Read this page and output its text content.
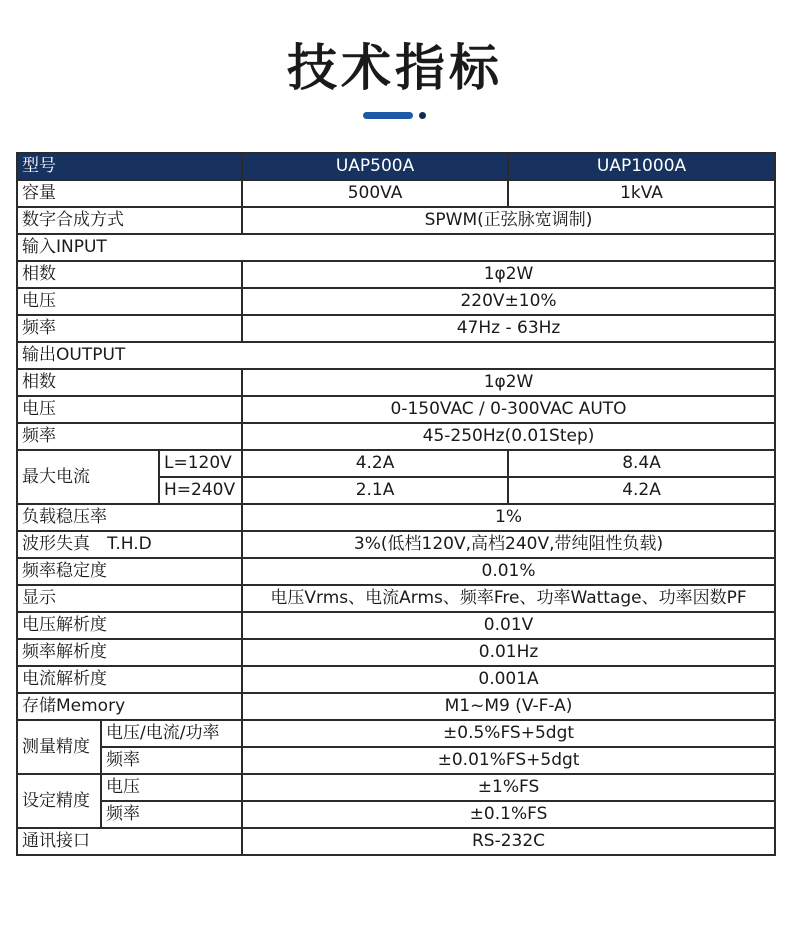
技术指标
型号			UAP500A	UAP1000A
容量			500VA	1kVA
数字合成方式			SPWM(正弦脉宽调制)	
输入INPUT				
相数			1φ2W	
电压			220V±10%	
频率			47Hz - 63Hz	
输出OUTPUT				
相数			1φ2W	
电压			0-150VAC / 0-300VAC AUTO	
频率			45-250Hz(0.01Step)	
最大电流		L=120V	4.2A	8.4A
		H=240V	2.1A	4.2A
负载稳压率			1%	
波形失真　T.H.D			3%(低档120V,高档240V,带纯阻性负载)	
频率稳定度			0.01%	
显示			电压Vrms、电流Arms、频率Fre、功率Wattage、功率因数PF	
电压解析度			0.01V	
频率解析度			0.01Hz	
电流解析度			0.001A	
存储Memory			M1~M9 (V-F-A)	
测量精度	电压/电流/功率		±0.5%FS+5dgt	
	频率		±0.01%FS+5dgt	
设定精度	电压		±1%FS	
	频率		±0.1%FS	
通讯接口			RS-232C	
